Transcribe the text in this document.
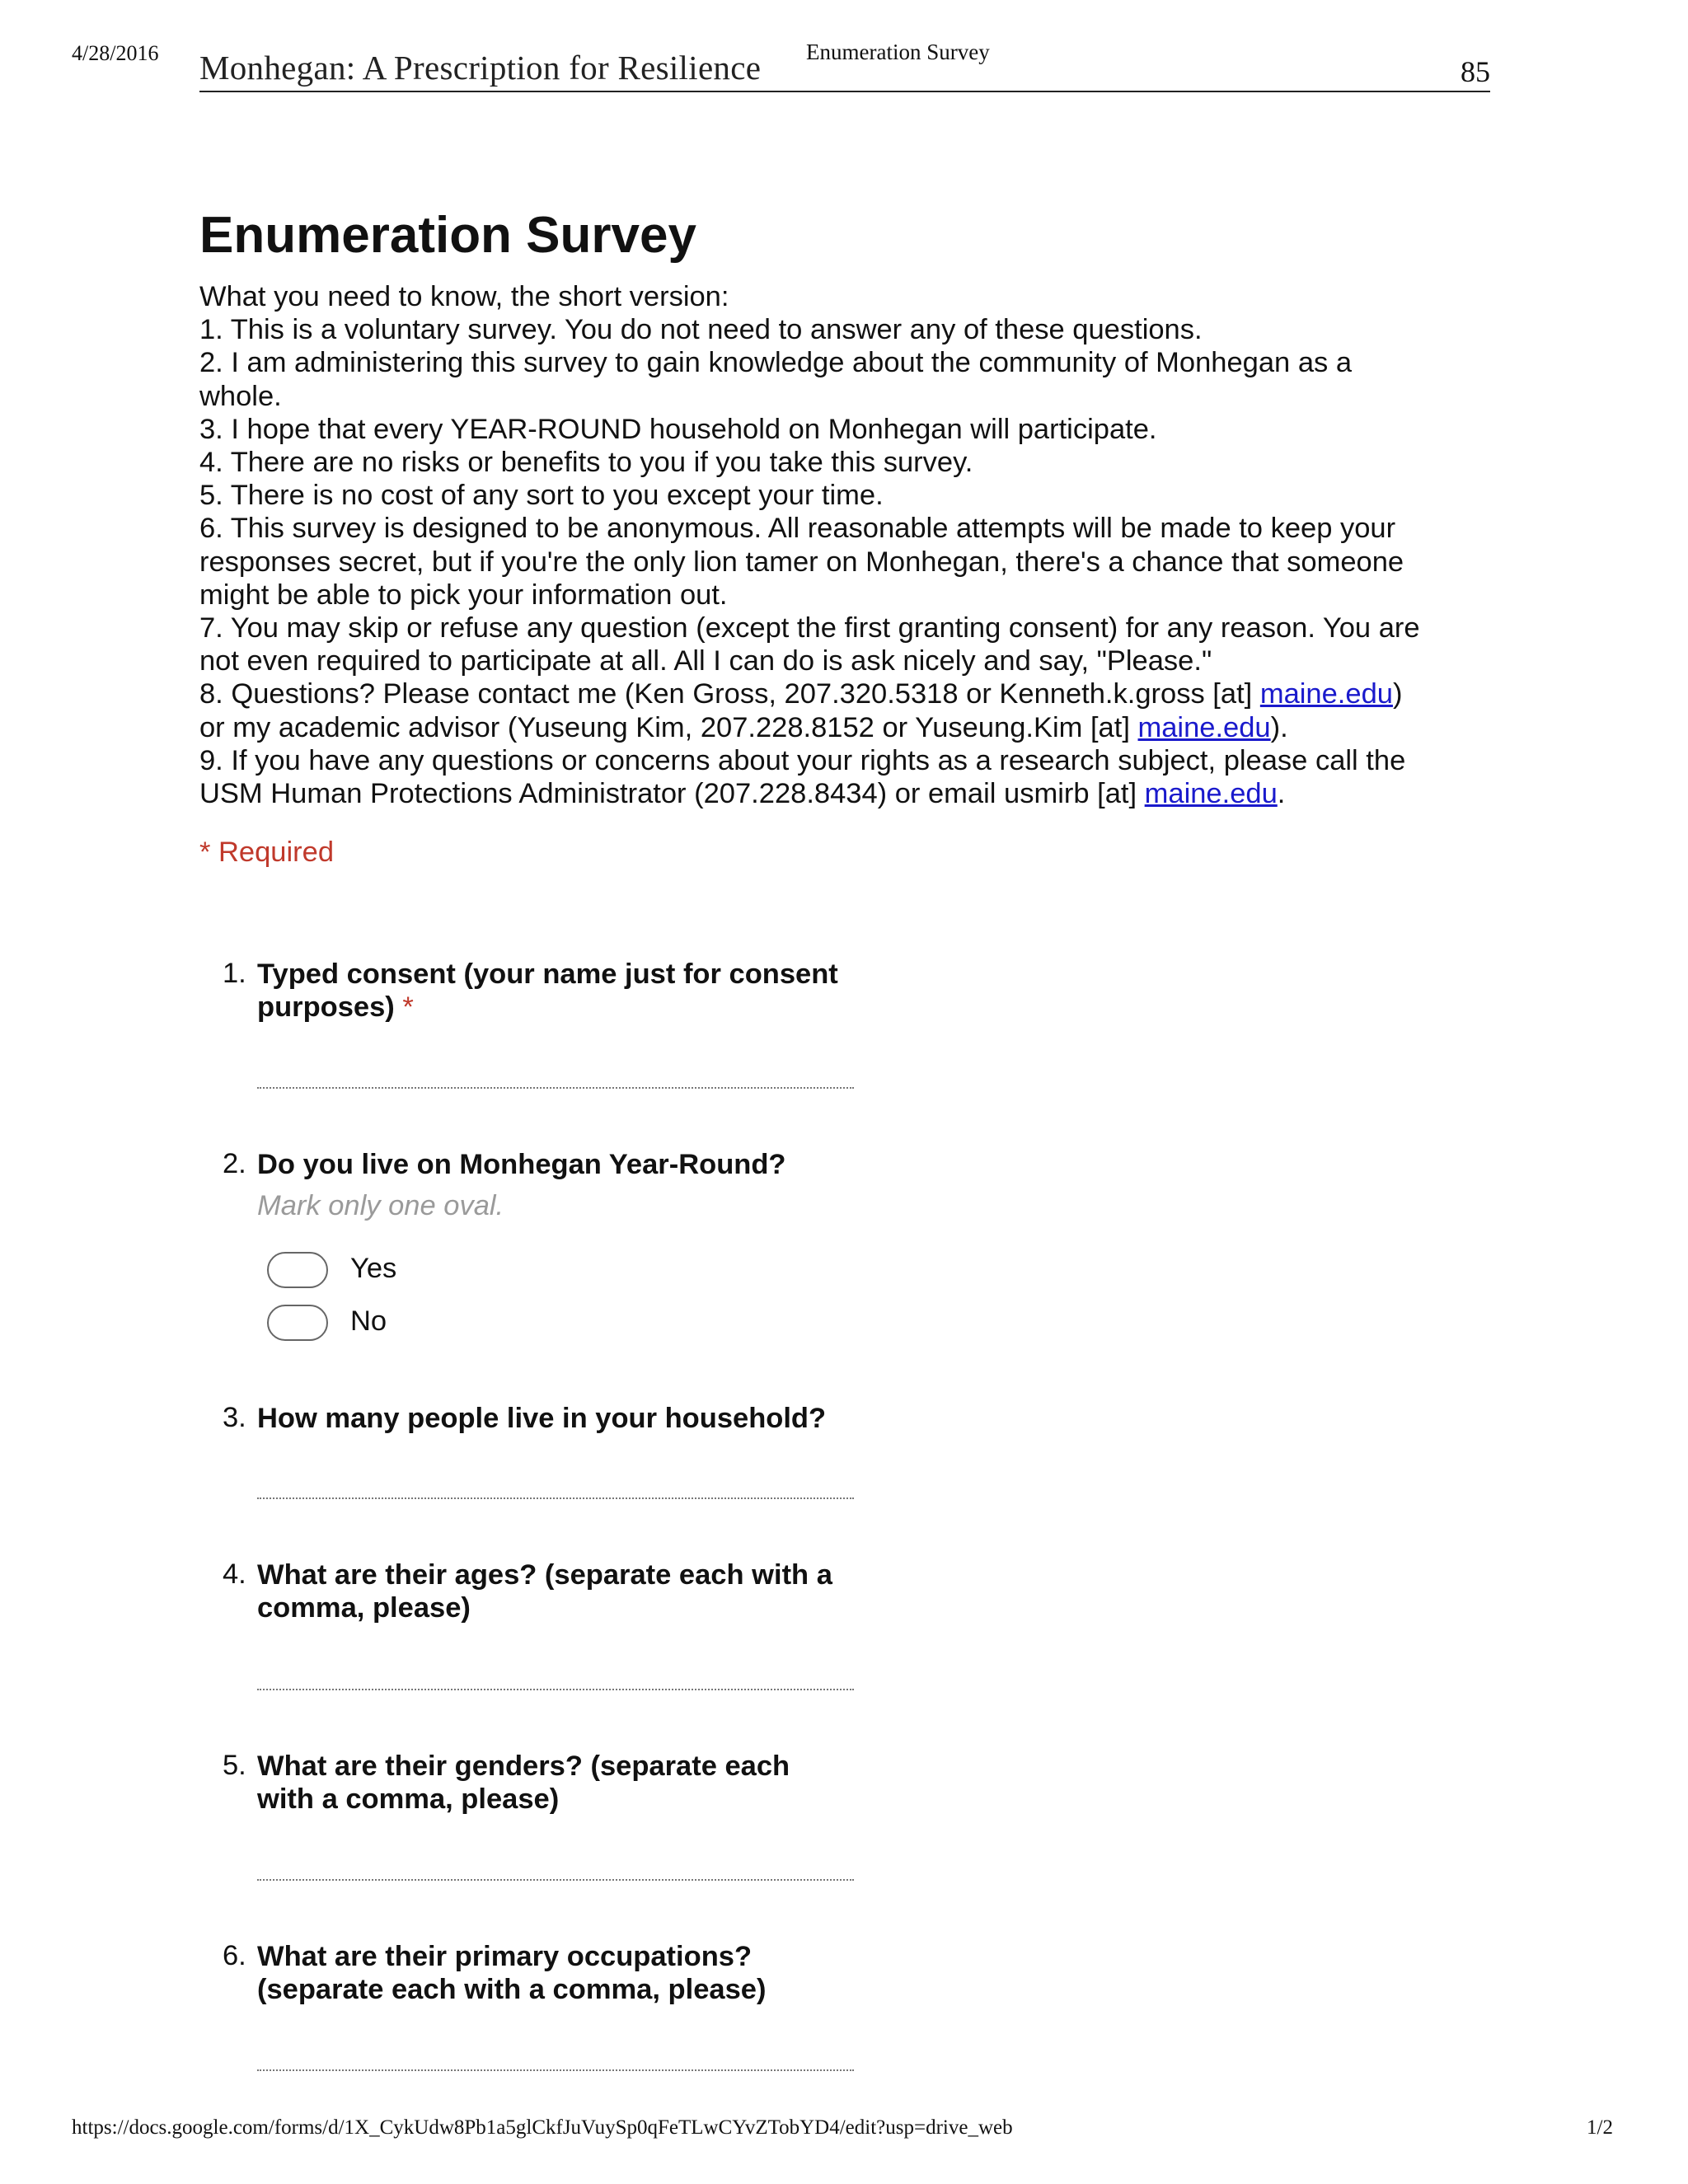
4/28/2016 Monhegan: A Prescription for Resilience Enumeration Survey
85
Enumeration Survey
What you need to know, the short version:
1. This is a voluntary survey. You do not need to answer any of these questions.
2. I am administering this survey to gain knowledge about the community of Monhegan as a
whole.
3. I hope that every YEAR-ROUND household on Monhegan will participate.
4. There are no risks or benefits to you if you take this survey.
5. There is no cost of any sort to you except your time.
6. This survey is designed to be anonymous. All reasonable attempts will be made to keep your
responses secret, but if you're the only lion tamer on Monhegan, there's a chance that someone
might be able to pick your information out.
7. You may skip or refuse any question (except the first granting consent) for any reason. You are
not even required to participate at all. All I can do is ask nicely and say, "Please."
8. Questions? Please contact me (Ken Gross, 207.320.5318 or Kenneth.k.gross [at] maine.edu)
or my academic advisor (Yuseung Kim, 207.228.8152 or Yuseung.Kim [at] maine.edu).
9. If you have any questions or concerns about your rights as a research subject, please call the
USM Human Protections Administrator (207.228.8434) or email usmirb [at] maine.edu.
* Required
1. Typed consent (your name just for consent
purposes) *
2. Do you live on Monhegan Year-Round?
Mark only one oval.
Yes
No
3. How many people live in your household?
4. What are their ages? (separate each with a
comma, please)
5. What are their genders? (separate each
with a comma, please)
6. What are their primary occupations?
(separate each with a comma, please)
https://docs.google.com/forms/d/1X_CykUdw8Pb1a5glCkfJuVuySp0qFeTLwCYvZTobYD4/edit?usp=drive_web	1/2
